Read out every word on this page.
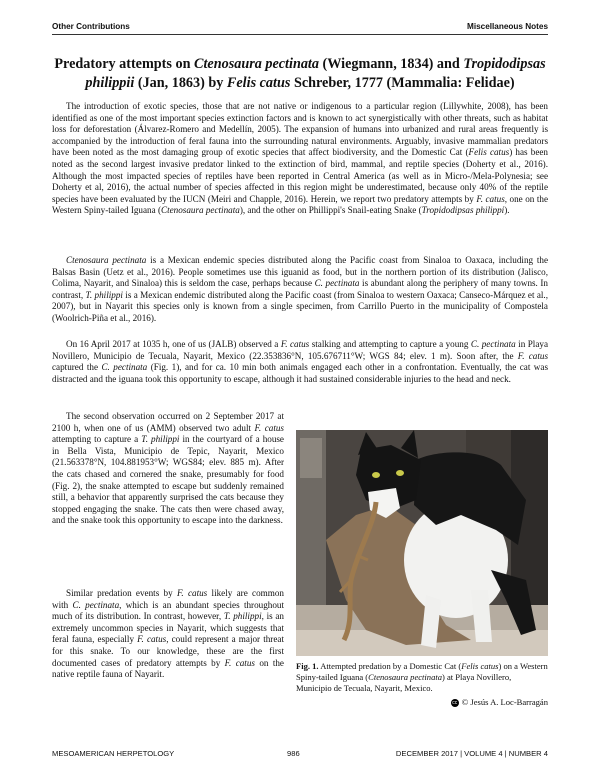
Other Contributions	Miscellaneous Notes
Predatory attempts on Ctenosaura pectinata (Wiegmann, 1834) and Tropidodipsas philippii (Jan, 1863) by Felis catus Schreber, 1777 (Mammalia: Felidae)

The introduction of exotic species, those that are not native or indigenous to a particular region (Lillywhite, 2008), has been identified as one of the most important species extinction factors and is known to act synergistically with other threats, such as habitat loss for deforestation (Álvarez-Romero and Medellín, 2005). The expansion of humans into urbanized and rural areas frequently is accompanied by the introduction of feral fauna into the surrounding natural environments. Arguably, invasive mammalian predators have been noted as the most damaging group of exotic species that affect biodiversity, and the Domestic Cat (Felis catus) has been noted as the second largest invasive predator linked to the extinction of bird, mammal, and reptile species (Doherty et al., 2016). Although the most impacted species of reptiles have been reported in Central America (as well as in Micro-/Mela-Polynesia; see Doherty et al, 2016), the actual number of species affected in this region might be underestimated, because only 40% of the reptile species have been evaluated by the IUCN (Meiri and Chapple, 2016). Herein, we report two predatory attempts by F. catus, one on the Western Spiny-tailed Iguana (Ctenosaura pectinata), and the other on Phillippi's Snail-eating Snake (Tropidodipsas philippi).

Ctenosaura pectinata is a Mexican endemic species distributed along the Pacific coast from Sinaloa to Oaxaca, including the Balsas Basin (Uetz et al., 2016). People sometimes use this iguanid as food, but in the northern portion of its distribution (Jalisco, Colima, Nayarit, and Sinaloa) this is seldom the case, perhaps because C. pectinata is abundant along the periphery of many towns. In contrast, T. philippi is a Mexican endemic distributed along the Pacific coast (from Sinaloa to western Oaxaca; Canseco-Márquez et al., 2007), but in Nayarit this species only is known from a single specimen, from Carrillo Puerto in the municipality of Compostela (Woolrich-Piña et al., 2016).

On 16 April 2017 at 1035 h, one of us (JALB) observed a F. catus stalking and attempting to capture a young C. pectinata in Playa Novillero, Municipio de Tecuala, Nayarit, Mexico (22.353836°N, 105.676711°W; WGS 84; elev. 1 m). Soon after, the F. catus captured the C. pectinata (Fig. 1), and for ca. 10 min both animals engaged each other in a confrontation. Eventually, the cat was distracted and the iguana took this opportunity to escape, although it had sustained considerable injuries to the head and neck.

The second observation occurred on 2 September 2017 at 2100 h, when one of us (AMM) observed two adult F. catus attempting to capture a T. philippi in the courtyard of a house in Bella Vista, Municipio de Tepic, Nayarit, Mexico (21.563378°N, 104.881953°W; WGS84; elev. 885 m). After the cats chased and cornered the snake, presumably for food (Fig. 2), the snake attempted to escape but suddenly remained still, a behavior that apparently surprised the cats because they stopped engaging the snake. The cats then were chased away, and the snake took this opportunity to escape into the darkness.

Similar predation events by F. catus likely are common with C. pectinata, which is an abundant species throughout much of its distribution. In contrast, however, T. philippi, is an extremely uncommon species in Nayarit, which suggests that feral fauna, especially F. catus, could represent a major threat for this snake. To our knowledge, these are the first documented cases of predatory attempts by F. catus on the native reptile fauna of Nayarit.

Fig. 1. Attempted predation by a Domestic Cat (Felis catus) on a Western Spiny-tailed Iguana (Ctenosaura pectinata) at Playa Novillero, Municipio de Tecuala, Nayarit, Mexico.

cc © Jesús A. Loc-Barragán
MESOAMERICAN HERPETOLOGY	986	DECEMBER 2017 | VOLUME 4 | NUMBER 4
